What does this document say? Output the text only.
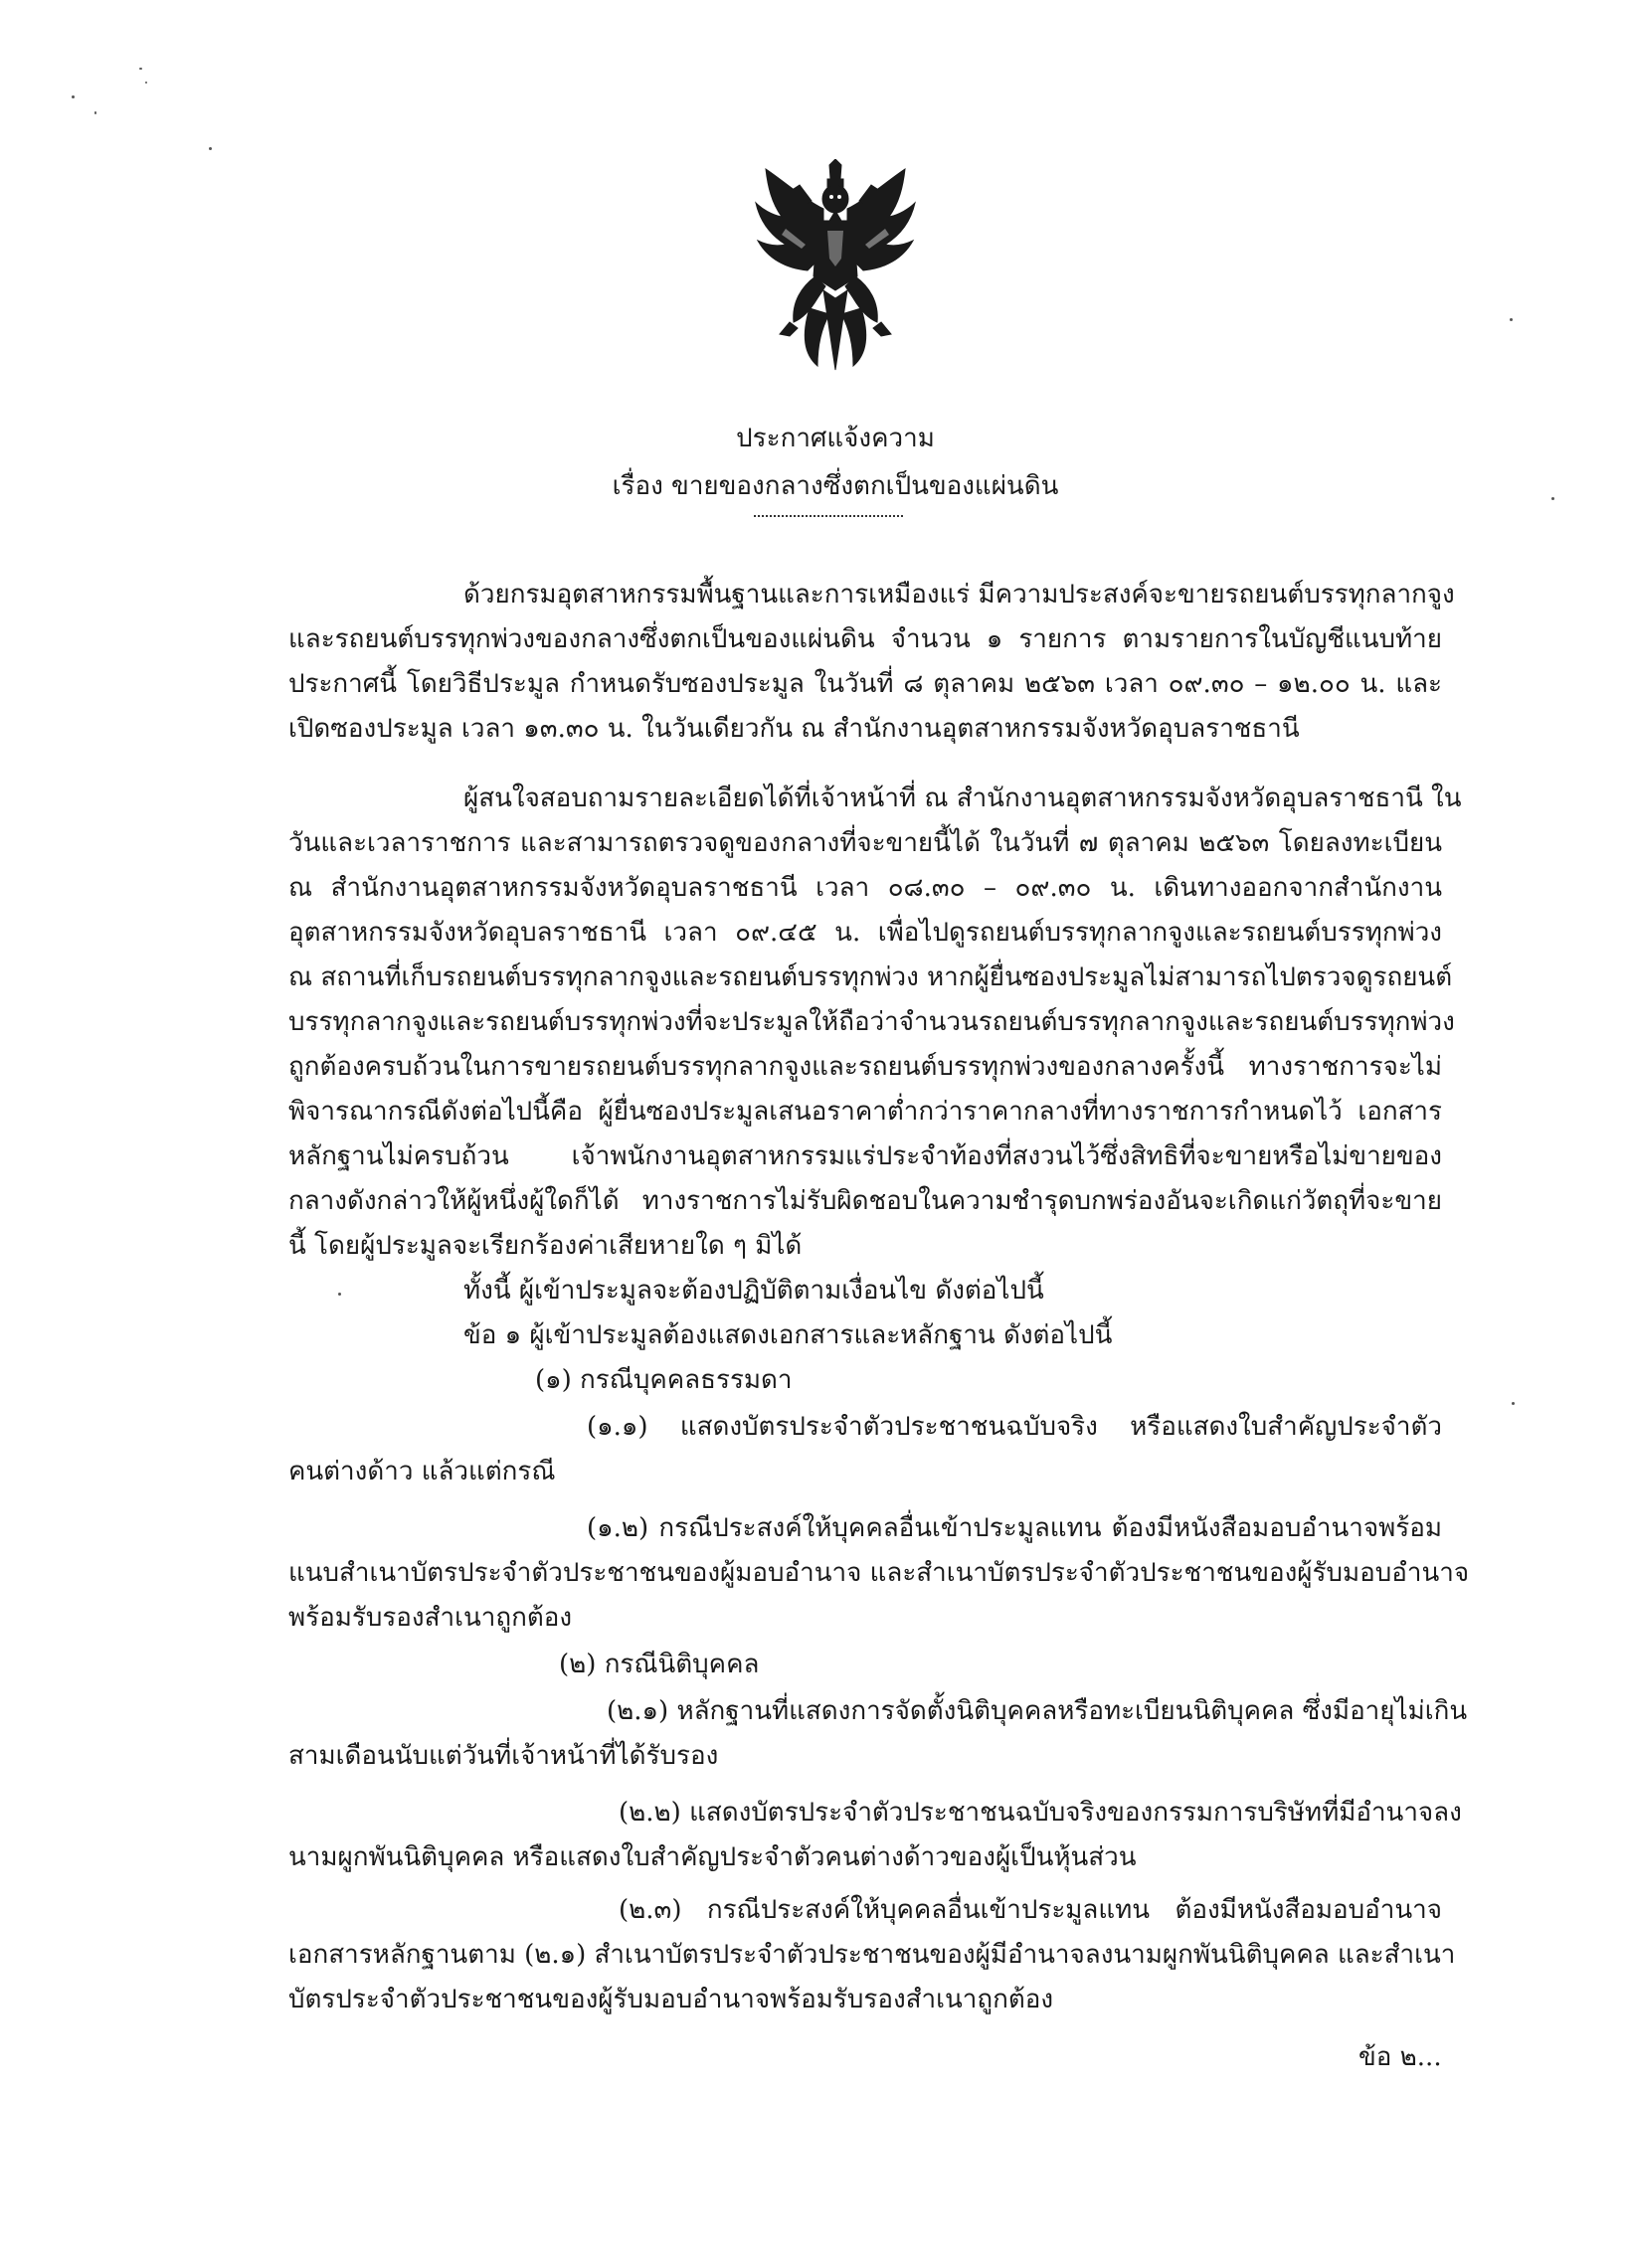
ประกาศแจ้งความ
เรื่อง ขายของกลางซึ่งตกเป็นของแผ่นดิน
ด้วยกรมอุตสาหกรรมพื้นฐานและการเหมืองแร่ มีความประสงค์จะขายรถยนต์บรรทุกลากจูง
และรถยนต์บรรทุกพ่วงของกลางซึ่งตกเป็นของแผ่นดิน จำนวน ๑ รายการ ตามรายการในบัญชีแนบท้าย
ประกาศนี้ โดยวิธีประมูล กำหนดรับซองประมูล ในวันที่ ๘ ตุลาคม ๒๕๖๓ เวลา ๐๙.๓๐ – ๑๒.๐๐ น. และ
เปิดซองประมูล เวลา ๑๓.๓๐ น. ในวันเดียวกัน ณ สำนักงานอุตสาหกรรมจังหวัดอุบลราชธานี
ผู้สนใจสอบถามรายละเอียดได้ที่เจ้าหน้าที่ ณ สำนักงานอุตสาหกรรมจังหวัดอุบลราชธานี ใน
วันและเวลาราชการ และสามารถตรวจดูของกลางที่จะขายนี้ได้ ในวันที่ ๗ ตุลาคม ๒๕๖๓ โดยลงทะเบียน
ณ สำนักงานอุตสาหกรรมจังหวัดอุบลราชธานี เวลา ๐๘.๓๐ – ๐๙.๓๐ น. เดินทางออกจากสำนักงาน
อุตสาหกรรมจังหวัดอุบลราชธานี เวลา ๐๙.๔๕ น. เพื่อไปดูรถยนต์บรรทุกลากจูงและรถยนต์บรรทุกพ่วง
ณ สถานที่เก็บรถยนต์บรรทุกลากจูงและรถยนต์บรรทุกพ่วง หากผู้ยื่นซองประมูลไม่สามารถไปตรวจดูรถยนต์
บรรทุกลากจูงและรถยนต์บรรทุกพ่วงที่จะประมูลให้ถือว่าจำนวนรถยนต์บรรทุกลากจูงและรถยนต์บรรทุกพ่วง
ถูกต้องครบถ้วนในการขายรถยนต์บรรทุกลากจูงและรถยนต์บรรทุกพ่วงของกลางครั้งนี้ ทางราชการจะไม่
พิจารณากรณีดังต่อไปนี้คือ ผู้ยื่นซองประมูลเสนอราคาต่ำกว่าราคากลางที่ทางราชการกำหนดไว้ เอกสาร
หลักฐานไม่ครบถ้วน เจ้าพนักงานอุตสาหกรรมแร่ประจำท้องที่สงวนไว้ซึ่งสิทธิที่จะขายหรือไม่ขายของ
กลางดังกล่าวให้ผู้หนึ่งผู้ใดก็ได้ ทางราชการไม่รับผิดชอบในความชำรุดบกพร่องอันจะเกิดแก่วัตถุที่จะขาย
นี้ โดยผู้ประมูลจะเรียกร้องค่าเสียหายใด ๆ มิได้
ทั้งนี้ ผู้เข้าประมูลจะต้องปฏิบัติตามเงื่อนไข ดังต่อไปนี้
ข้อ ๑ ผู้เข้าประมูลต้องแสดงเอกสารและหลักฐาน ดังต่อไปนี้
(๑) กรณีบุคคลธรรมดา
(๑.๑) แสดงบัตรประจำตัวประชาชนฉบับจริง หรือแสดงใบสำคัญประจำตัว
คนต่างด้าว แล้วแต่กรณี
(๑.๒) กรณีประสงค์ให้บุคคลอื่นเข้าประมูลแทน ต้องมีหนังสือมอบอำนาจพร้อม
แนบสำเนาบัตรประจำตัวประชาชนของผู้มอบอำนาจ และสำเนาบัตรประจำตัวประชาชนของผู้รับมอบอำนาจ
พร้อมรับรองสำเนาถูกต้อง
(๒) กรณีนิติบุคคล
(๒.๑) หลักฐานที่แสดงการจัดตั้งนิติบุคคลหรือทะเบียนนิติบุคคล ซึ่งมีอายุไม่เกิน
สามเดือนนับแต่วันที่เจ้าหน้าที่ได้รับรอง
(๒.๒) แสดงบัตรประจำตัวประชาชนฉบับจริงของกรรมการบริษัทที่มีอำนาจลง
นามผูกพันนิติบุคคล หรือแสดงใบสำคัญประจำตัวคนต่างด้าวของผู้เป็นหุ้นส่วน
(๒.๓) กรณีประสงค์ให้บุคคลอื่นเข้าประมูลแทน ต้องมีหนังสือมอบอำนาจ
เอกสารหลักฐานตาม (๒.๑) สำเนาบัตรประจำตัวประชาชนของผู้มีอำนาจลงนามผูกพันนิติบุคคล และสำเนา
บัตรประจำตัวประชาชนของผู้รับมอบอำนาจพร้อมรับรองสำเนาถูกต้อง
ข้อ ๒...
